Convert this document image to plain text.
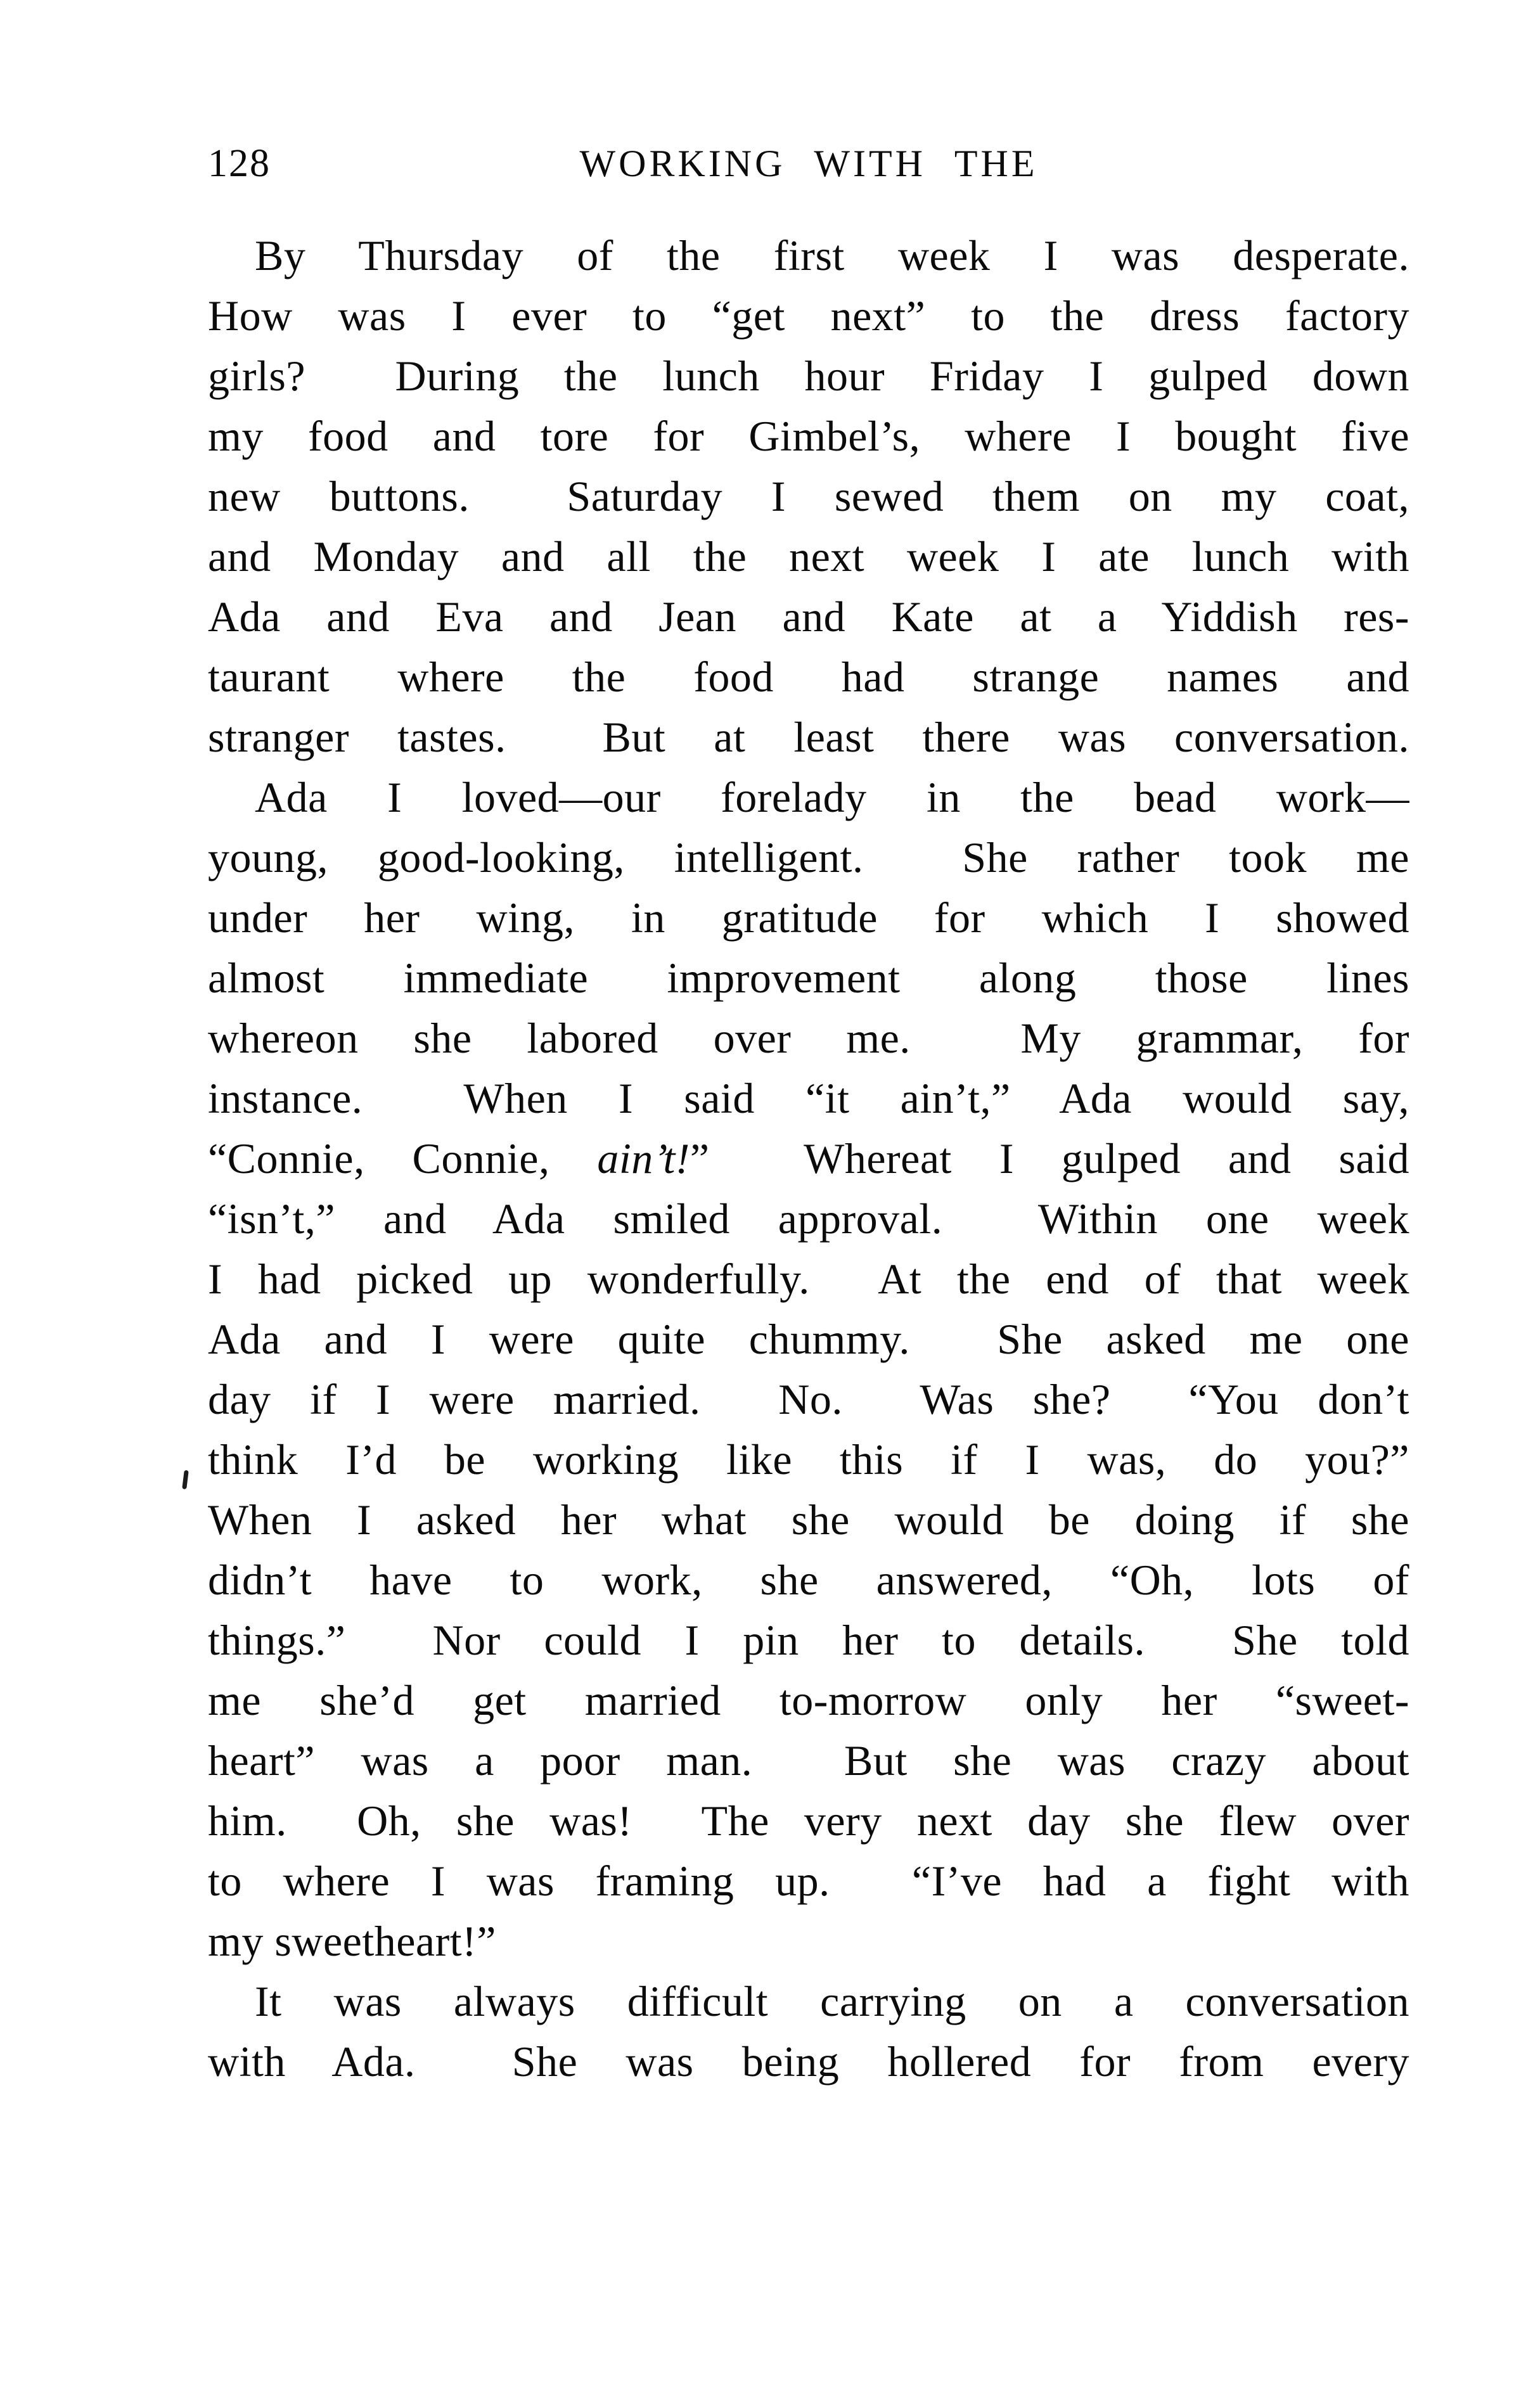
128	WORKING WITH THE
By Thursday of the first week I was desperate.
How was I ever to “get next” to the dress factory
girls?  During the lunch hour Friday I gulped down
my food and tore for Gimbel’s, where I bought five
new buttons.  Saturday I sewed them on my coat,
and Monday and all the next week I ate lunch with
Ada and Eva and Jean and Kate at a Yiddish res-
taurant where the food had strange names and
stranger tastes.  But at least there was conversation.
Ada I loved—our forelady in the bead work—
young, good-looking, intelligent.  She rather took me
under her wing, in gratitude for which I showed
almost immediate improvement along those lines
whereon she labored over me.  My grammar, for
instance.  When I said “it ain’t,” Ada would say,
“Connie, Connie, ain’t!”  Whereat I gulped and said
“isn’t,” and Ada smiled approval.  Within one week
I had picked up wonderfully.  At the end of that week
Ada and I were quite chummy.  She asked me one
day if I were married.  No.  Was she?  “You don’t
think I’d be working like this if I was, do you?”
When I asked her what she would be doing if she
didn’t have to work, she answered, “Oh, lots of
things.”  Nor could I pin her to details.  She told
me she’d get married to-morrow only her “sweet-
heart” was a poor man.  But she was crazy about
him.  Oh, she was!  The very next day she flew over
to where I was framing up.  “I’ve had a fight with
my sweetheart!”
It was always difficult carrying on a conversation
with Ada.  She was being hollered for from every
